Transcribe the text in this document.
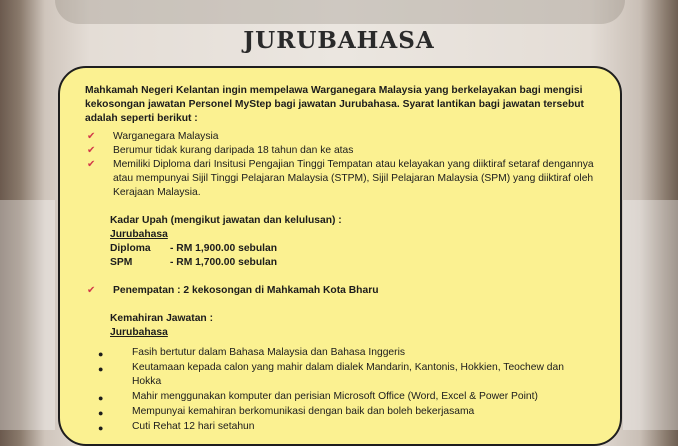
JURUBAHASA

Mahkamah Negeri Kelantan ingin mempelawa Warganegara Malaysia yang berkelayakan bagi mengisi kekosongan jawatan Personel MyStep bagi jawatan Jurubahasa. Syarat lantikan bagi jawatan tersebut adalah seperti berikut :

✔ Warganegara Malaysia
✔ Berumur tidak kurang daripada 18 tahun dan ke atas
✔ Memiliki Diploma dari Insitusi Pengajian Tinggi Tempatan atau kelayakan yang diiktiraf setaraf dengannya atau mempunyai Sijil Tinggi Pelajaran Malaysia (STPM), Sijil Pelajaran Malaysia (SPM) yang diiktiraf oleh Kerajaan Malaysia.
Kadar Upah (mengikut jawatan dan kelulusan) :
Jurubahasa
Diploma	- RM 1,900.00 sebulan
SPM	- RM 1,700.00 sebulan
✔ Penempatan : 2 kekosongan di Mahkamah Kota Bharu
Kemahiran Jawatan :
Jurubahasa
●	Fasih bertutur dalam Bahasa Malaysia dan Bahasa Inggeris
●	Keutamaan kepada calon yang mahir dalam dialek Mandarin, Kantonis, Hokkien, Teochew dan Hokka
●	Mahir menggunakan komputer dan perisian Microsoft Office (Word, Excel & Power Point)
●	Mempunyai kemahiran berkomunikasi dengan baik dan boleh bekerjasama
●	Cuti Rehat 12 hari setahun
